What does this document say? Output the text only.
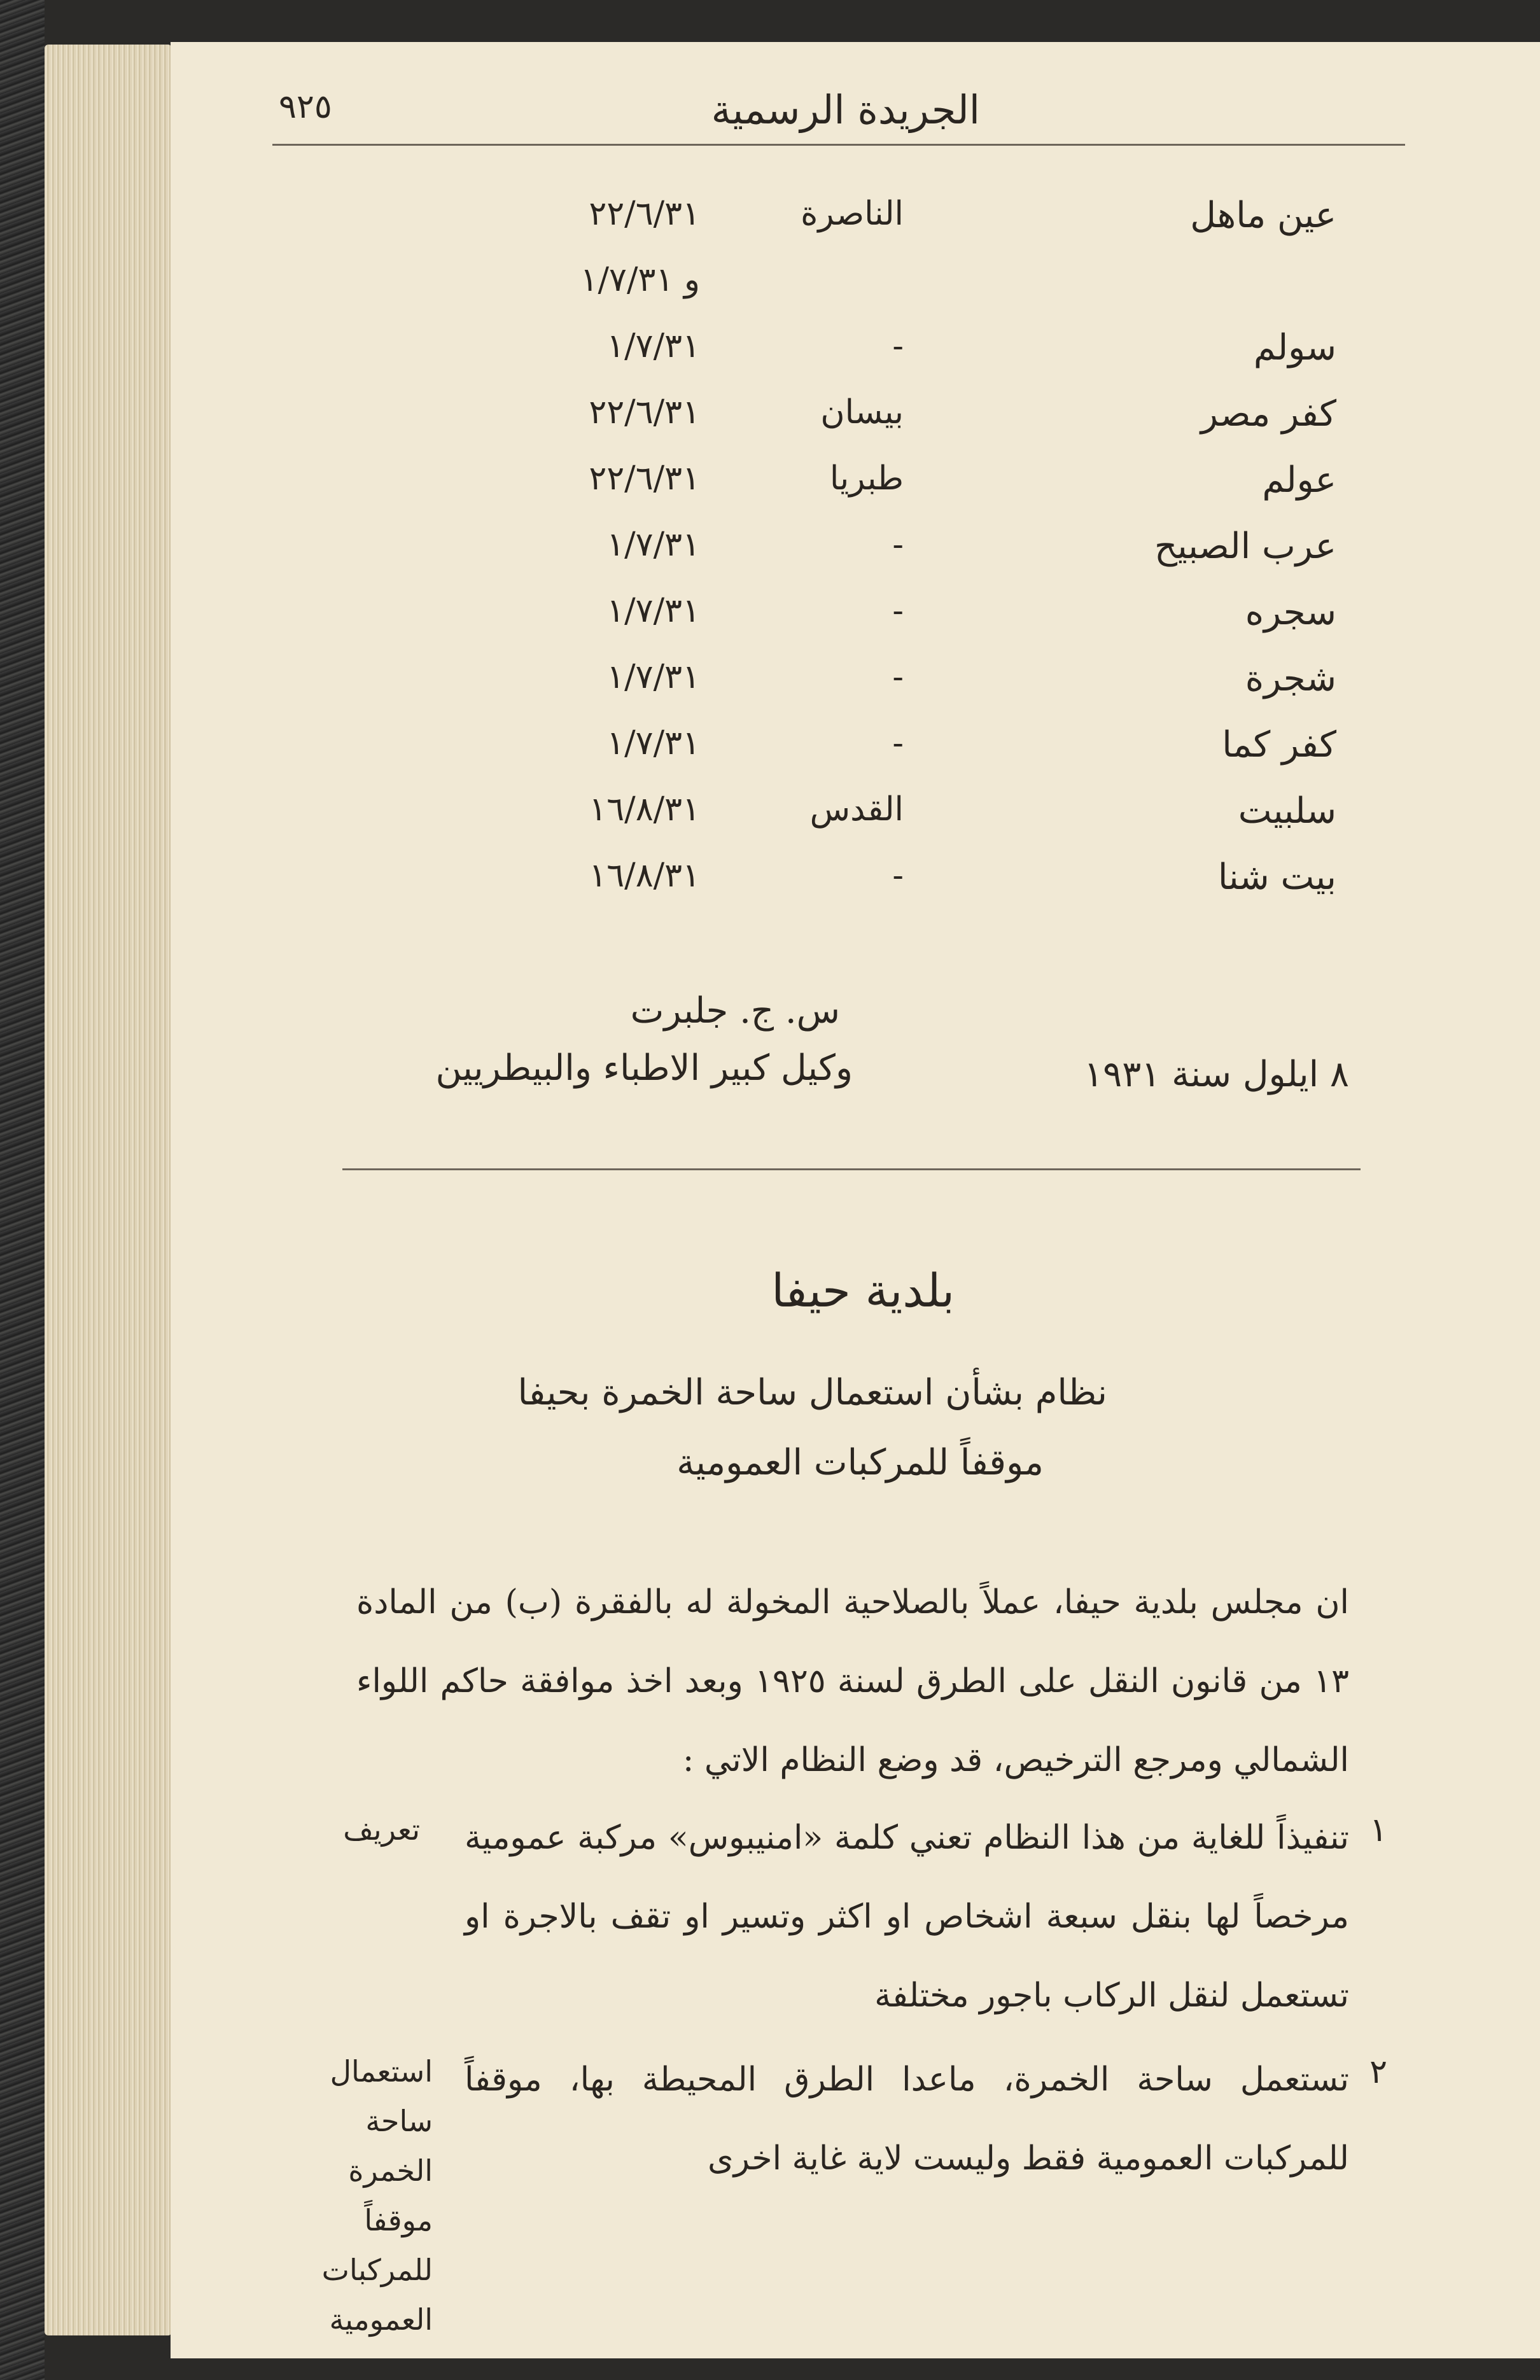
الجريدة الرسمية
٩٢٥
عين ماهل
الناصرة
٢٢/٦/٣١
و ١/٧/٣١
سولم
-
١/٧/٣١
كفر مصر
بيسان
٢٢/٦/٣١
عولم
طبريا
٢٢/٦/٣١
عرب الصبيح
-
١/٧/٣١
سجره
-
١/٧/٣١
شجرة
-
١/٧/٣١
كفر كما
-
١/٧/٣١
سلبيت
القدس
١٦/٨/٣١
بيت شنا
-
١٦/٨/٣١
س. ج. جلبرت
وكيل كبير الاطباء والبيطريين	٨ ايلول سنة ١٩٣١
بلدية حيفا
نظام بشأن استعمال ساحة الخمرة بحيفا
موقفاً للمركبات العمومية
ان مجلس بلدية حيفا، عملاً بالصلاحية المخولة له بالفقرة (ب) من المادة ١٣ من قانون النقل على الطرق لسنة ١٩٢٥ وبعد اخذ موافقة حاكم اللواء الشمالي ومرجع الترخيص، قد وضع النظام الاتي :
١
تنفيذاً للغاية من هذا النظام تعني كلمة «امنيبوس» مركبة عمومية مرخصاً لها بنقل سبعة اشخاص او اكثر وتسير او تقف بالاجرة او تستعمل لنقل الركاب باجور مختلفة
تعريف
٢
تستعمل ساحة الخمرة، ماعدا الطرق المحيطة بها، موقفاً للمركبات العمومية فقط وليست لاية غاية اخرى
استعمال ساحة الخمرة موقفاً للمركبات العمومية
